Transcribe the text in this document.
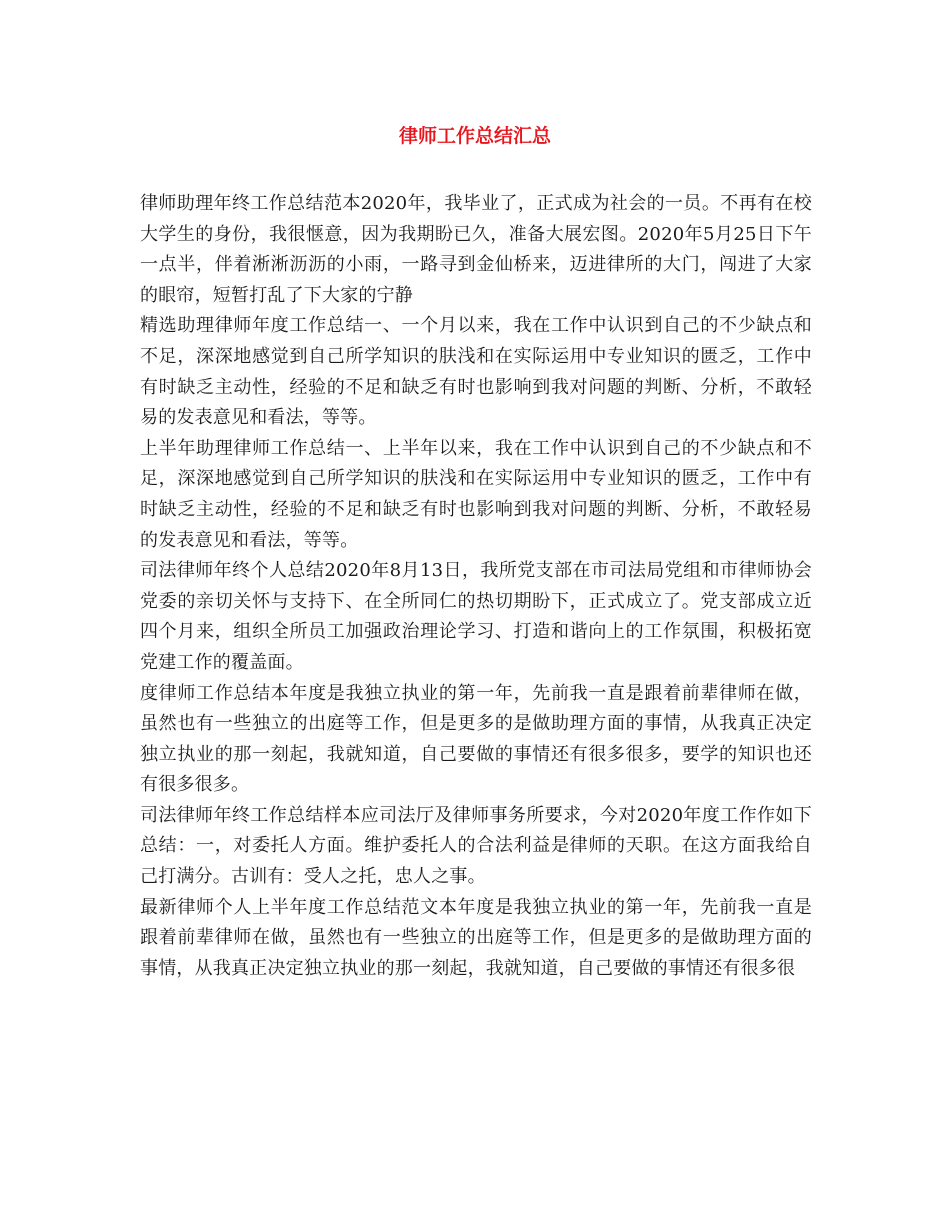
律师工作总结汇总

律师助理年终工作总结范本2020年，我毕业了，正式成为社会的一员。不再有在校大学生的身份，我很惬意，因为我期盼已久，准备大展宏图。2020年5月25日下午一点半，伴着淅淅沥沥的小雨，一路寻到金仙桥来，迈进律所的大门，闯进了大家的眼帘，短暂打乱了下大家的宁静

精选助理律师年度工作总结一、一个月以来，我在工作中认识到自己的不少缺点和不足，深深地感觉到自己所学知识的肤浅和在实际运用中专业知识的匮乏，工作中有时缺乏主动性，经验的不足和缺乏有时也影响到我对问题的判断、分析，不敢轻易的发表意见和看法，等等。

上半年助理律师工作总结一、上半年以来，我在工作中认识到自己的不少缺点和不足，深深地感觉到自己所学知识的肤浅和在实际运用中专业知识的匮乏，工作中有时缺乏主动性，经验的不足和缺乏有时也影响到我对问题的判断、分析，不敢轻易的发表意见和看法，等等。

司法律师年终个人总结2020年8月13日，我所党支部在市司法局党组和市律师协会党委的亲切关怀与支持下、在全所同仁的热切期盼下，正式成立了。党支部成立近四个月来，组织全所员工加强政治理论学习、打造和谐向上的工作氛围，积极拓宽党建工作的覆盖面。

度律师工作总结本年度是我独立执业的第一年，先前我一直是跟着前辈律师在做，虽然也有一些独立的出庭等工作，但是更多的是做助理方面的事情，从我真正决定独立执业的那一刻起，我就知道，自己要做的事情还有很多很多，要学的知识也还有很多很多。

司法律师年终工作总结样本应司法厅及律师事务所要求，今对2020年度工作作如下总结：一，对委托人方面。维护委托人的合法利益是律师的天职。在这方面我给自己打满分。古训有：受人之托，忠人之事。

最新律师个人上半年度工作总结范文本年度是我独立执业的第一年，先前我一直是跟着前辈律师在做，虽然也有一些独立的出庭等工作，但是更多的是做助理方面的事情，从我真正决定独立执业的那一刻起，我就知道，自己要做的事情还有很多很
